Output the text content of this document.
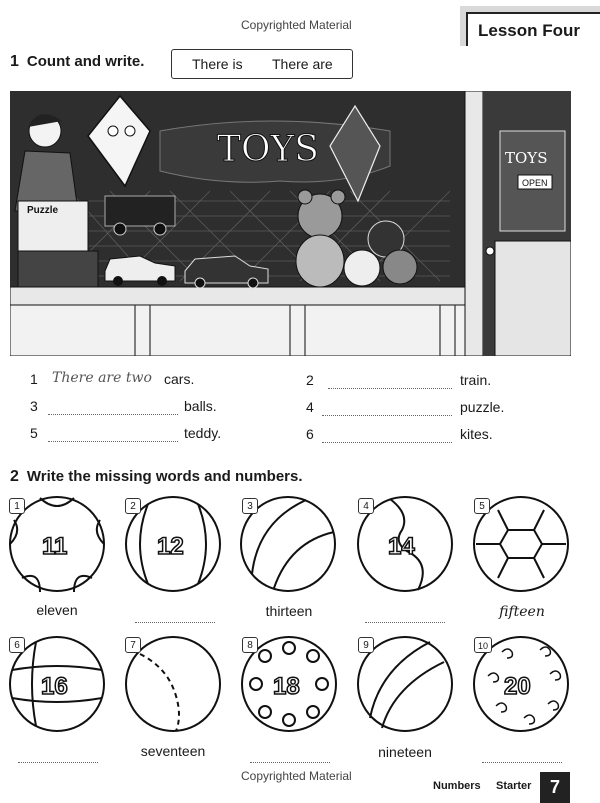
Copyrighted Material	Lesson Four
1 Count and write.	There is There are
TOYS	TOYS
OPEN
Puzzle
1 There are two cars.	2	train.
3	balls.	4	puzzle.
5	teddy.	6	kites.
2 Write the missing words and numbers.
11	12	14
1	2	3	4	5
eleven	thirteen	fifteen
16	18	20
6	7	8	9	10
seventeen	nineteen
Copyrighted Material
Numbers Starter	7
